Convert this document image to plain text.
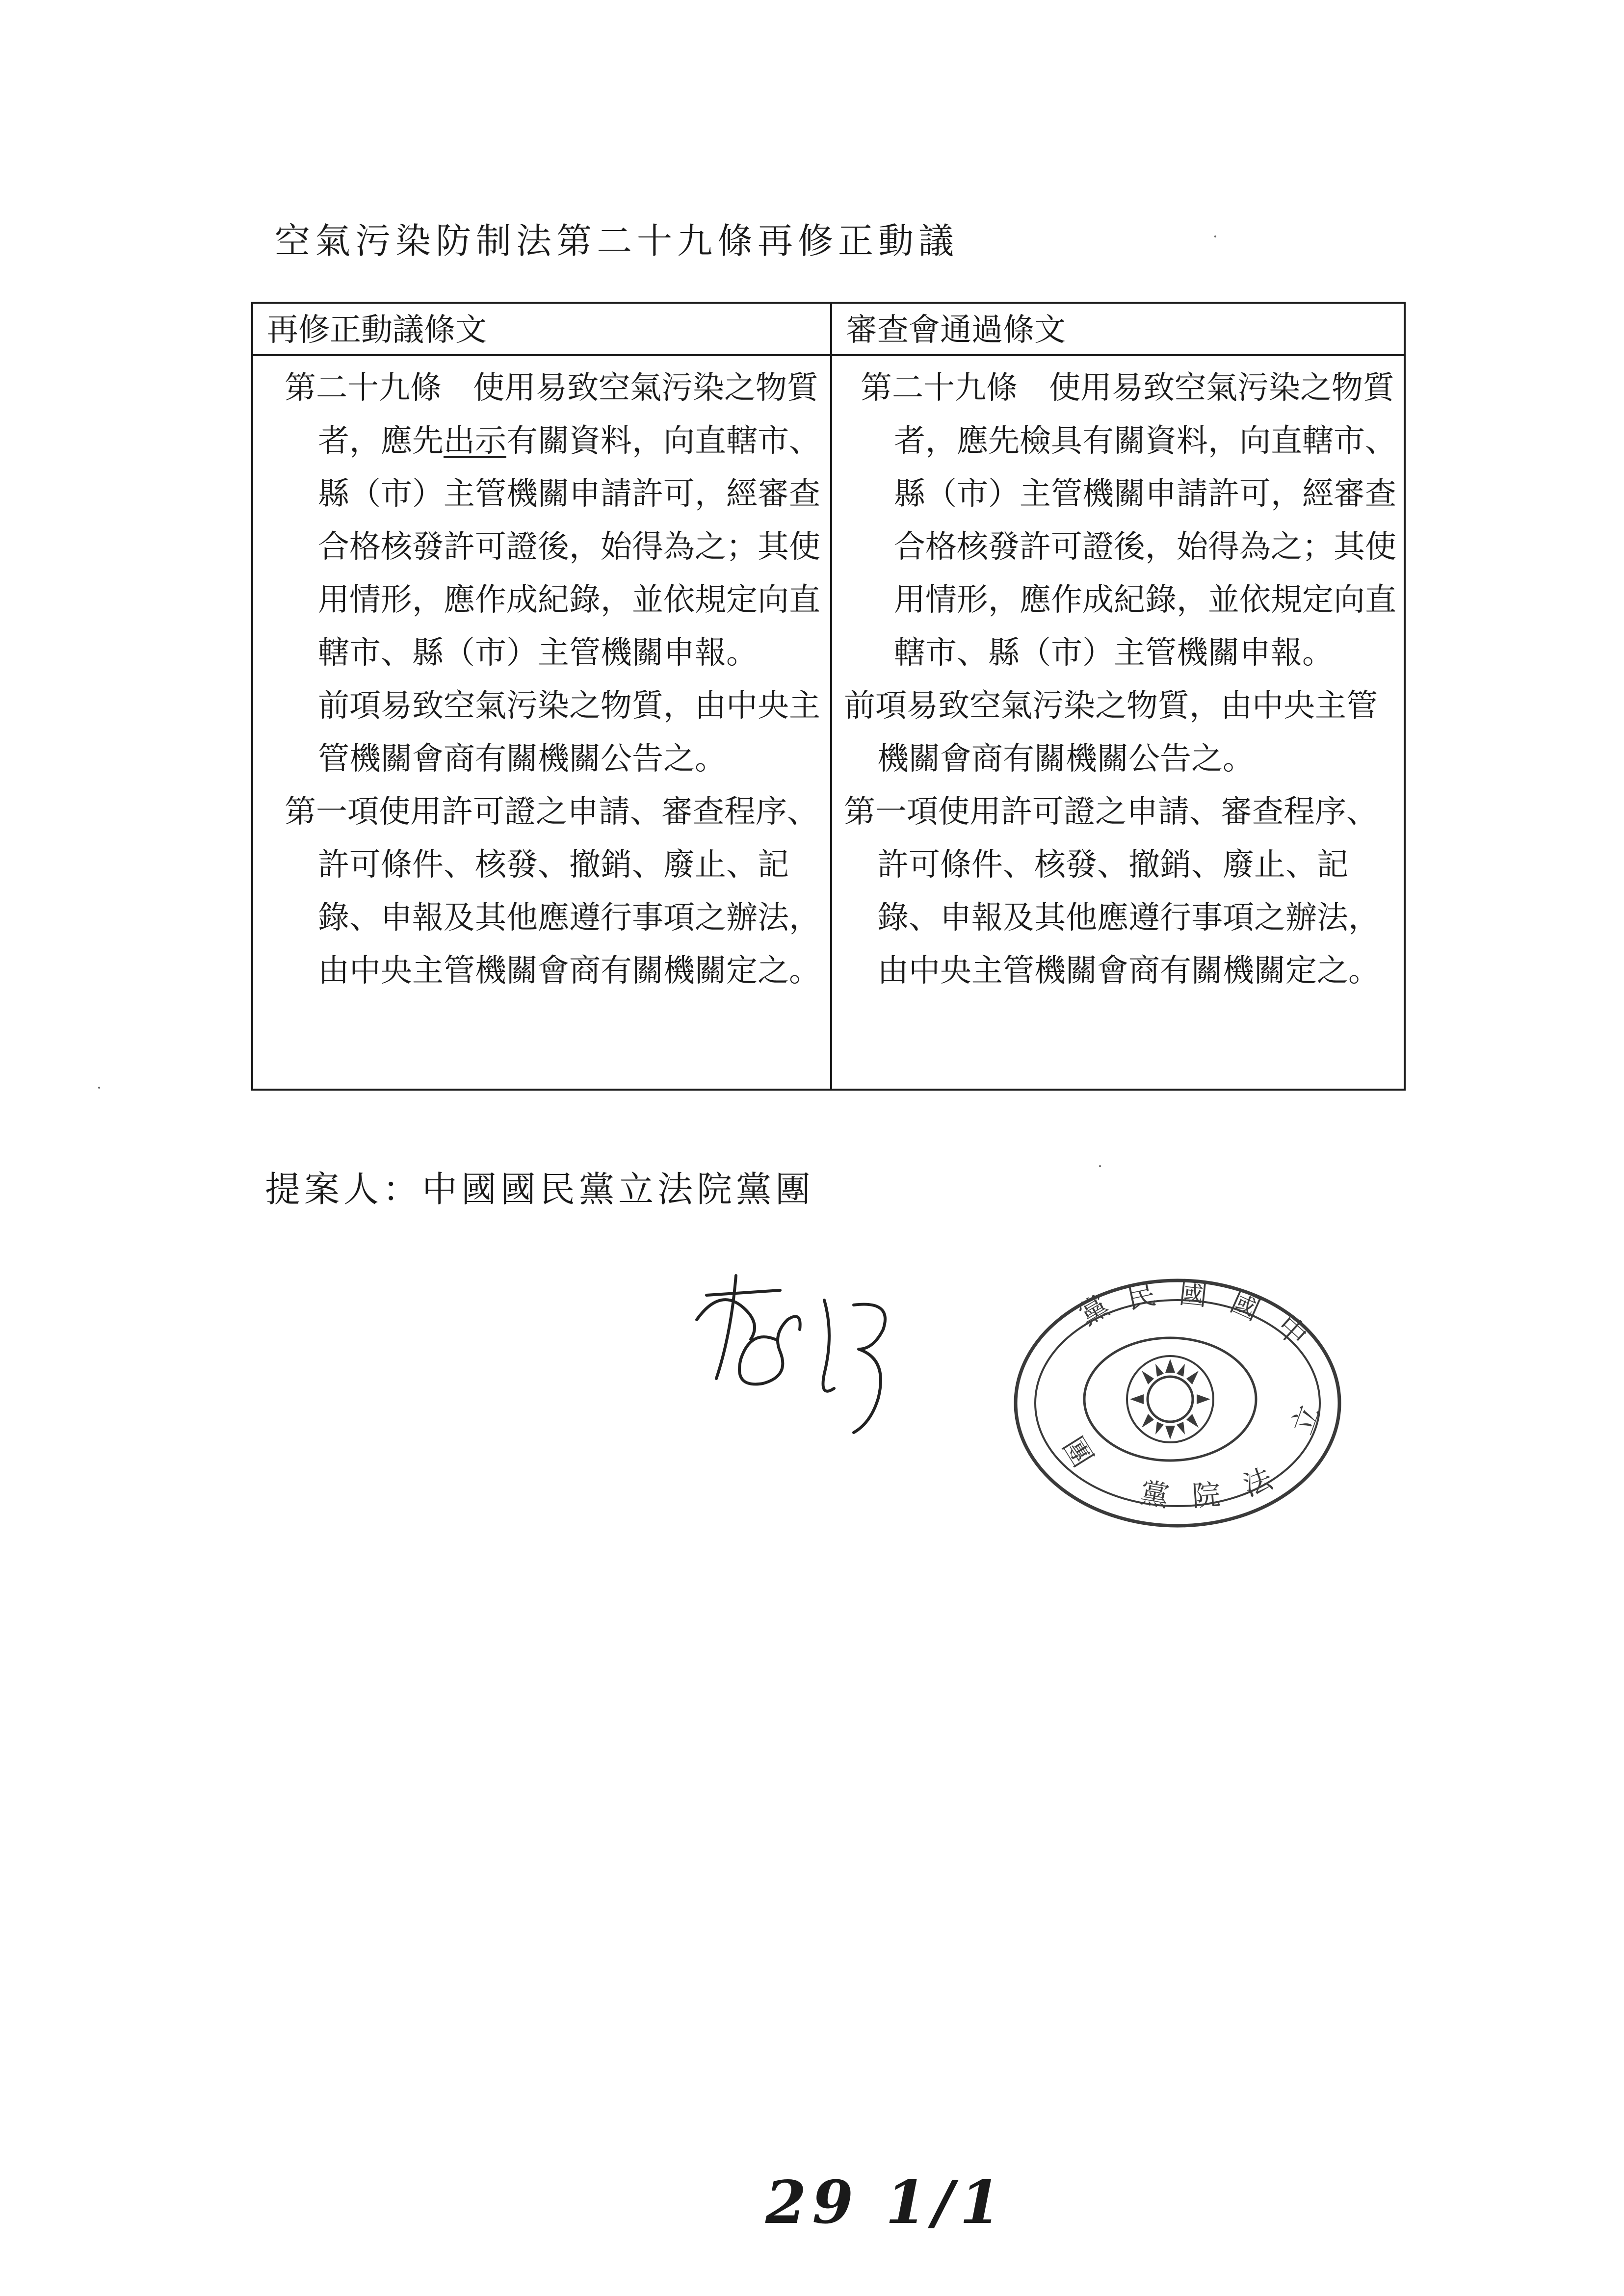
空氣污染防制法第二十九條再修正動議
再修正動議條文	審查會通過條文

第二十九條　使用易致空氣污染之物質者，應先出示有關資料，向直轄市、縣（市）主管機關申請許可，經審查合格核發許可證後，始得為之；其使用情形，應作成紀錄，並依規定向直轄市、縣（市）主管機關申報。

前項易致空氣污染之物質，由中央主管機關會商有關機關公告之。

第一項使用許可證之申請、審查程序、許可條件、核發、撤銷、廢止、記錄、申報及其他應遵行事項之辦法，由中央主管機關會商有關機關定之。

第二十九條　使用易致空氣污染之物質者，應先檢具有關資料，向直轄市、縣（市）主管機關申請許可，經審查合格核發許可證後，始得為之；其使用情形，應作成紀錄，並依規定向直轄市、縣（市）主管機關申報。

前項易致空氣污染之物質，由中央主管機關會商有關機關公告之。

第一項使用許可證之申請、審查程序、許可條件、核發、撤銷、廢止、記錄、申報及其他應遵行事項之辦法，由中央主管機關會商有關機關定之。

提案人：中國國民黨立法院黨團
黨 民 國 國
中
立
法
院
黨
團
29 1/1
